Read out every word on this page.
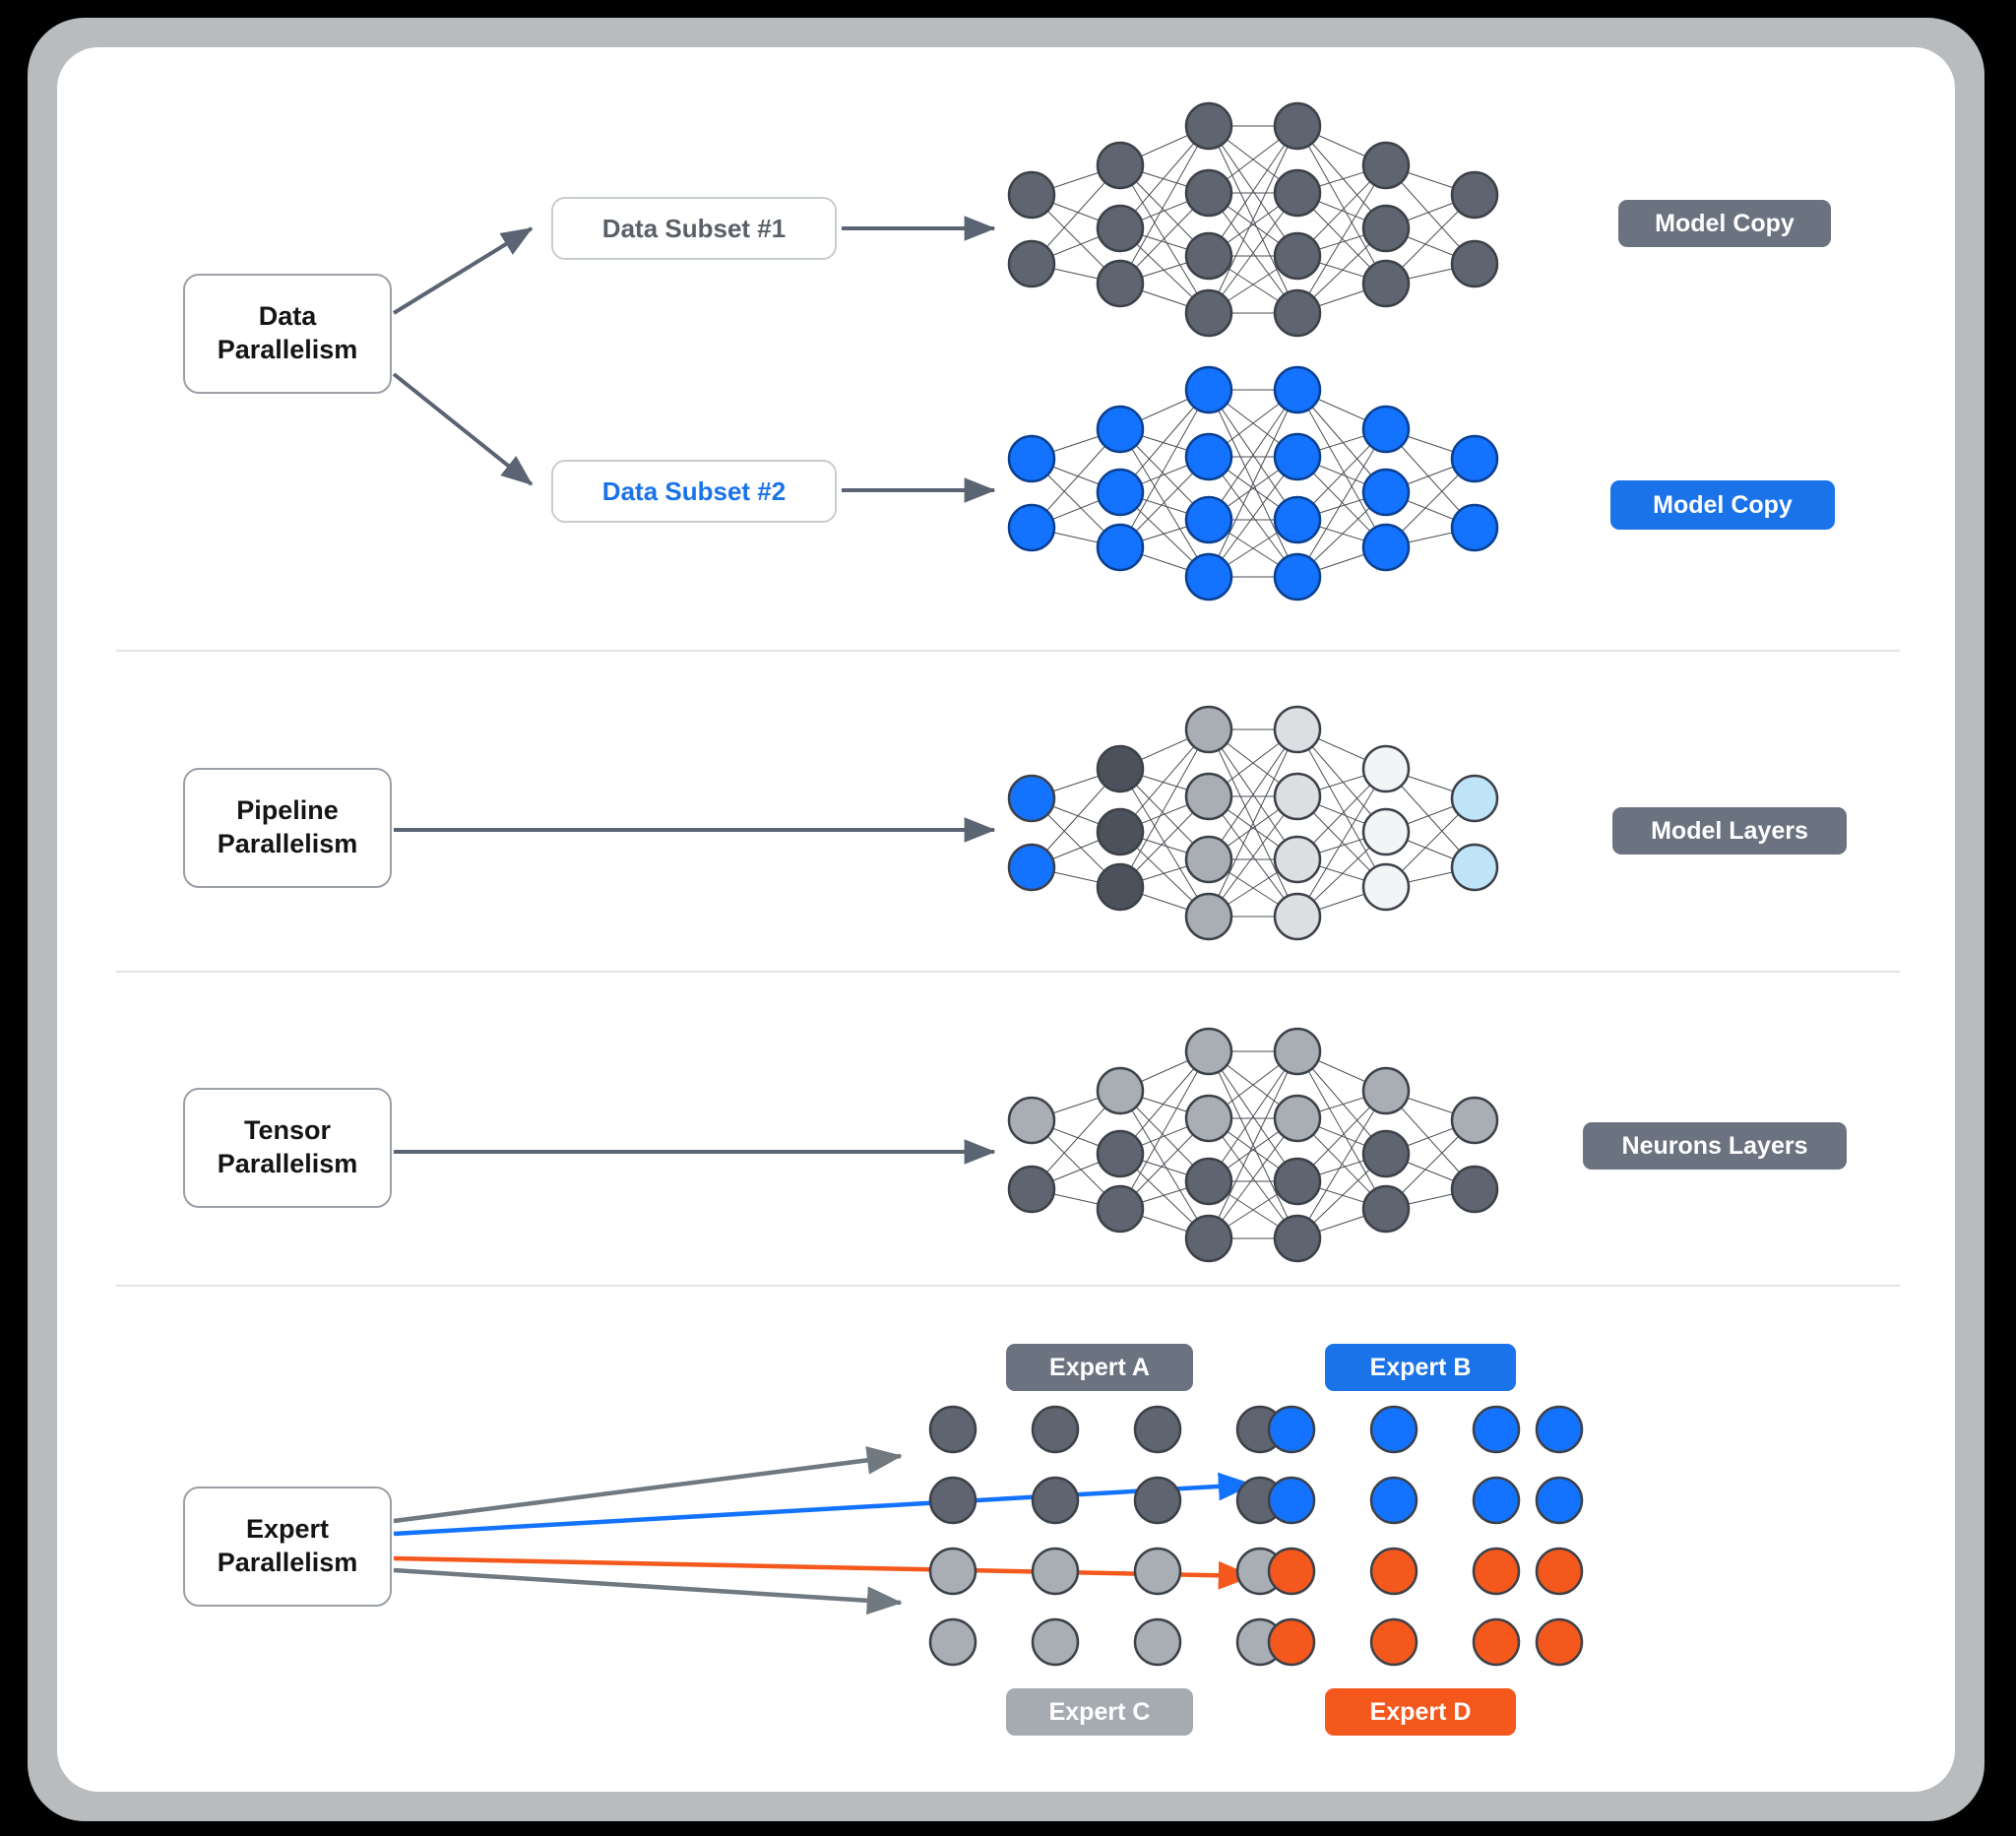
Data
Parallelism
Data Subset #1
Data Subset #2
Model Copy
Model Copy
Pipeline
Parallelism	Model Layers
Tensor
Parallelism
Neurons Layers
Expert
Parallelism
Expert A	Expert B
Expert C	Expert D
